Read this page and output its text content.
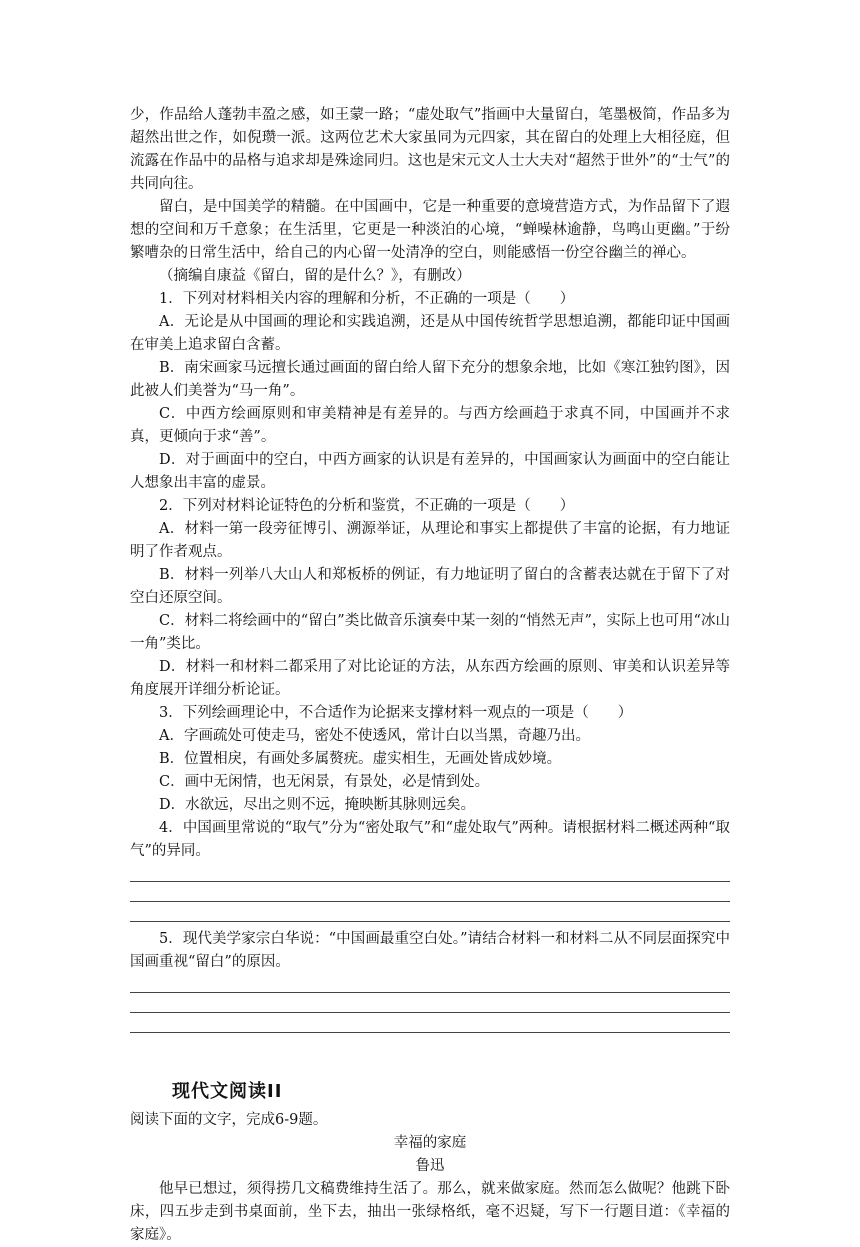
少，作品给人蓬勃丰盈之感，如王蒙一路；“虚处取气”指画中大量留白，笔墨极简，作品多为超然出世之作，如倪瓒一派。这两位艺术大家虽同为元四家，其在留白的处理上大相径庭，但流露在作品中的品格与追求却是殊途同归。这也是宋元文人士大夫对“超然于世外”的“士气”的共同向往。

留白，是中国美学的精髓。在中国画中，它是一种重要的意境营造方式，为作品留下了遐想的空间和万千意象；在生活里，它更是一种淡泊的心境，“蝉噪林逾静，鸟鸣山更幽。”于纷繁嘈杂的日常生活中，给自己的内心留一处清净的空白，则能感悟一份空谷幽兰的禅心。

（摘编自康益《留白，留的是什么？》，有删改）

1．下列对材料相关内容的理解和分析，不正确的一项是（　　）

A．无论是从中国画的理论和实践追溯，还是从中国传统哲学思想追溯，都能印证中国画在审美上追求留白含蓄。

B．南宋画家马远擅长通过画面的留白给人留下充分的想象余地，比如《寒江独钓图》，因此被人们美誉为“马一角”。

C．中西方绘画原则和审美精神是有差异的。与西方绘画趋于求真不同，中国画并不求真，更倾向于求“善”。

D．对于画面中的空白，中西方画家的认识是有差异的，中国画家认为画面中的空白能让人想象出丰富的虚景。

2．下列对材料论证特色的分析和鉴赏，不正确的一项是（　　）

A．材料一第一段旁征博引、溯源举证，从理论和事实上都提供了丰富的论据，有力地证明了作者观点。

B．材料一列举八大山人和郑板桥的例证，有力地证明了留白的含蓄表达就在于留下了对空白还原空间。

C．材料二将绘画中的“留白”类比做音乐演奏中某一刻的“悄然无声”，实际上也可用“冰山一角”类比。

D．材料一和材料二都采用了对比论证的方法，从东西方绘画的原则、审美和认识差异等角度展开详细分析论证。

3．下列绘画理论中，不合适作为论据来支撑材料一观点的一项是（　　）

A．字画疏处可使走马，密处不使透风，常计白以当黑，奇趣乃出。

B．位置相戾，有画处多属赘疣。虚实相生，无画处皆成妙境。

C．画中无闲情，也无闲景，有景处，必是情到处。

D．水欲远，尽出之则不远，掩映断其脉则远矣。

4．中国画里常说的“取气”分为“密处取气”和“虚处取气”两种。请根据材料二概述两种“取气”的异同。

5．现代美学家宗白华说：“中国画最重空白处。”请结合材料一和材料二从不同层面探究中国画重视“留白”的原因。

现代文阅读II

阅读下面的文字，完成6-9题。

幸福的家庭

鲁迅

他早已想过，须得捞几文稿费维持生活了。那么，就来做家庭。然而怎么做呢？他跳下卧床，四五步走到书桌面前，坐下去，抽出一张绿格纸，毫不迟疑，写下一行题目道：《幸福的家庭》。
